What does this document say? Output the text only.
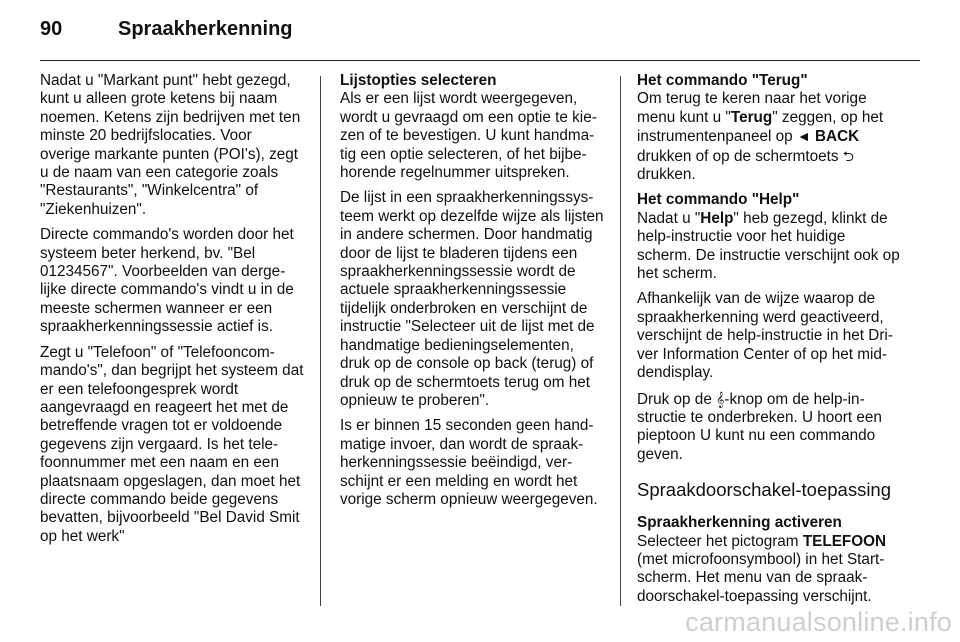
90	Spraakherkenning

Nadat u "Markant punt" hebt gezegd, kunt u alleen grote ketens bij naam noemen. Ketens zijn bedrijven met ten minste 20 bedrijfslocaties. Voor overige markante punten (POI's), zegt u de naam van een categorie zoals "Restaurants", "Winkelcentra" of "Ziekenhuizen".

Directe commando's worden door het systeem beter herkend, bv. "Bel 01234567". Voorbeelden van dergelijke directe commando's vindt u in de meeste schermen wanneer er een spraakherkenningssessie actief is.

Zegt u "Telefoon" of "Telefooncommando's", dan begrijpt het systeem dat er een telefoongesprek wordt aangevraagd en reageert het met de betreffende vragen tot er voldoende gegevens zijn vergaard. Is het telefoonnummer met een naam en een plaatsnaam opgeslagen, dan moet het directe commando beide gegevens bevatten, bijvoorbeeld "Bel David Smit op het werk"

Lijstopties selecteren

Als er een lijst wordt weergegeven, wordt u gevraagd om een optie te kiezen of te bevestigen. U kunt handmatig een optie selecteren, of het bijbehorende regelnummer uitspreken.

De lijst in een spraakherkenningssysteem werkt op dezelfde wijze als lijsten in andere schermen. Door handmatig door de lijst te bladeren tijdens een spraakherkenningssessie wordt de actuele spraakherkenningssessie tijdelijk onderbroken en verschijnt de instructie "Selecteer uit de lijst met de handmatige bedieningselementen, druk op de console op back (terug) of druk op de schermtoets terug om het opnieuw te proberen".

Is er binnen 15 seconden geen handmatige invoer, dan wordt de spraakherkenningssessie beëindigd, verschijnt er een melding en wordt het vorige scherm opnieuw weergegeven.

Het commando "Terug"

Om terug te keren naar het vorige menu kunt u "Terug" zeggen, op het instrumentenpaneel op ◄ BACK drukken of op de schermtoets ⮌ drukken.

Het commando "Help"

Nadat u "Help" heb gezegd, klinkt de help-instructie voor het huidige scherm. De instructie verschijnt ook op het scherm.

Afhankelijk van de wijze waarop de spraakherkenning werd geactiveerd, verschijnt de help-instructie in het Driver Information Center of op het middendisplay.

Druk op de 𝄞-knop om de help-instructie te onderbreken. U hoort een pieptoon U kunt nu een commando geven.

Spraakdoorschakel-toepassing
Spraakherkenning activeren

Selecteer het pictogram TELEFOON (met microfoonsymbool) in het Startscherm. Het menu van de spraakdoorschakel-toepassing verschijnt.

carmanualsonline.info
